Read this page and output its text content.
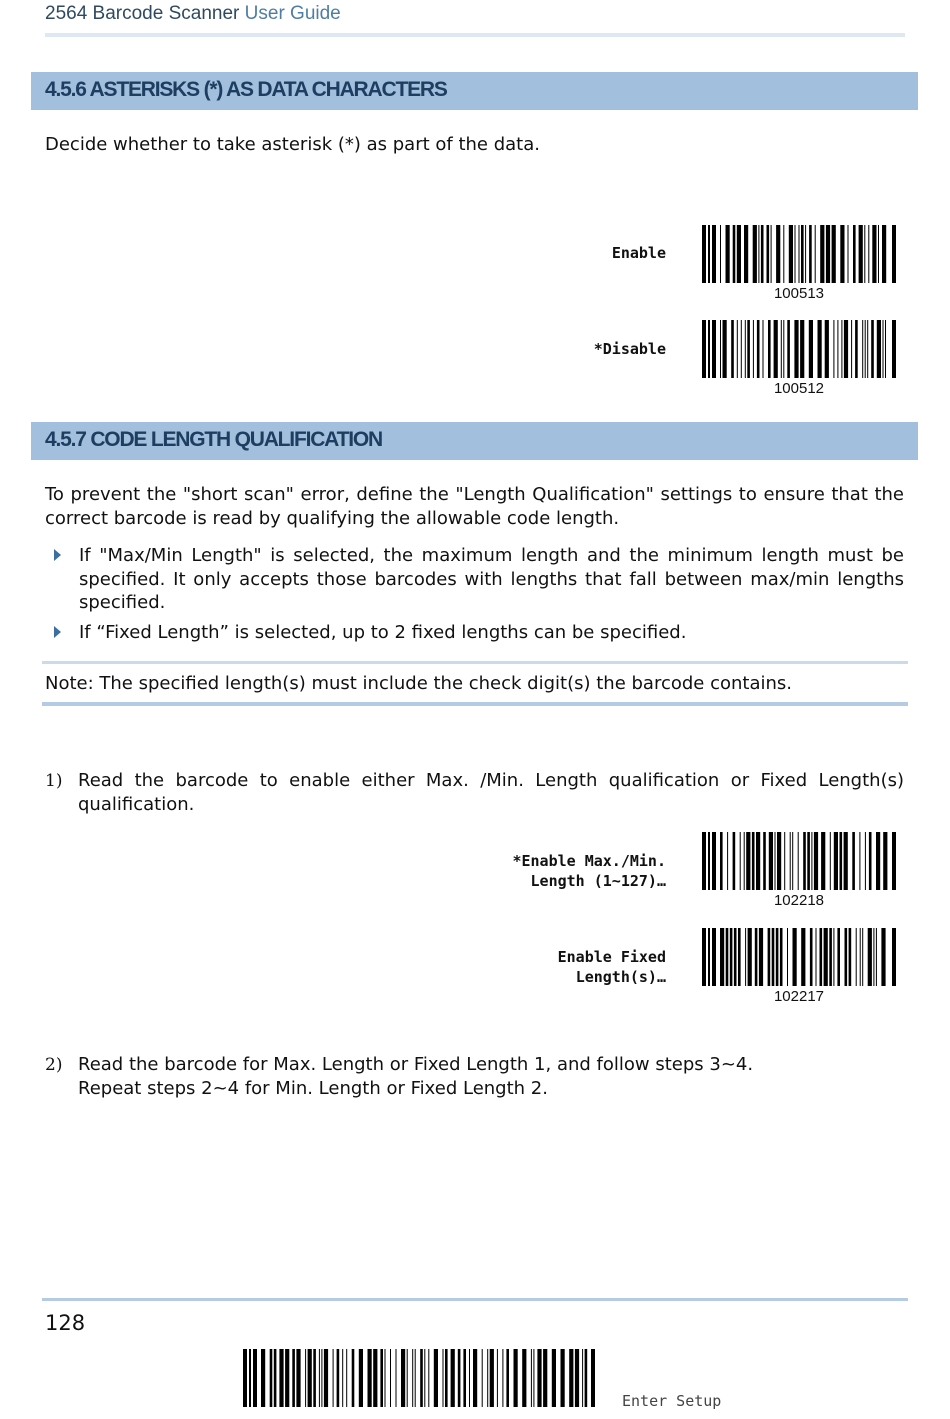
2564 Barcode Scanner User Guide
4.5.6 ASTERISKS (*) AS DATA CHARACTERS
Decide whether to take asterisk (*) as part of the data.
Enable
100513
*Disable
100512
4.5.7 CODE LENGTH QUALIFICATION
To prevent the "short scan" error, define the "Length Qualification" settings to ensure that the correct barcode is read by qualifying the allowable code length.
If "Max/Min Length" is selected, the maximum length and the minimum length must be specified. It only accepts those barcodes with lengths that fall between max/min lengths specified.
If “Fixed Length” is selected, up to 2 fixed lengths can be specified.
Note: The specified length(s) must include the check digit(s) the barcode contains.
1) Read the barcode to enable either Max. /Min. Length qualification or Fixed Length(s) qualification.
*Enable Max./Min.
Length (1~127)…
102218
Enable Fixed
Length(s)…
102217
2) Read the barcode for Max. Length or Fixed Length 1, and follow steps 3~4.
Repeat steps 2~4 for Min. Length or Fixed Length 2.
128
Enter Setup
